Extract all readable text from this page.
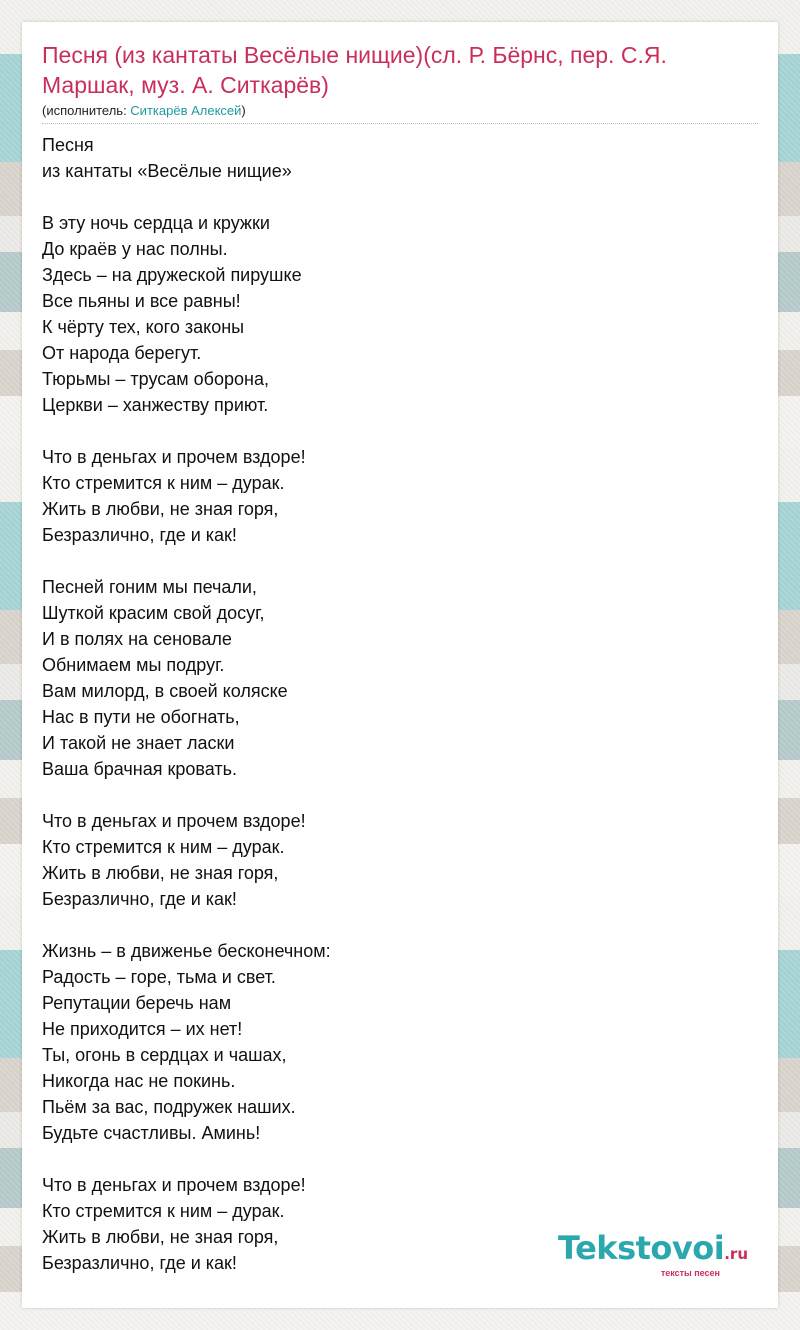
Песня (из кантаты Весёлые нищие)(сл. Р. Бёрнс, пер. С.Я. Маршак, муз. А. Ситкарёв)
(исполнитель: Ситкарёв Алексей)
Песня
из кантаты «Весёлые нищие»
В эту ночь сердца и кружки
До краёв у нас полны.
Здесь – на дружеской пирушке
Все пьяны и все равны!
К чёрту тех, кого законы
От народа берегут.
Тюрьмы – трусам оборона,
Церкви – ханжеству приют.
Что в деньгах и прочем вздоре!
Кто стремится к ним – дурак.
Жить в любви, не зная горя,
Безразлично, где и как!
Песней гоним мы печали,
Шуткой красим свой досуг,
И в полях на сеновале
Обнимаем мы подруг.
Вам милорд, в своей коляске
Нас в пути не обогнать,
И такой не знает ласки
Ваша брачная кровать.
Что в деньгах и прочем вздоре!
Кто стремится к ним – дурак.
Жить в любви, не зная горя,
Безразлично, где и как!
Жизнь – в движенье бесконечном:
Радость – горе, тьма и свет.
Репутации беречь нам
Не приходится – их нет!
Ты, огонь в сердцах и чашах,
Никогда нас не покинь.
Пьём за вас, подружек наших.
Будьте счастливы. Аминь!
Что в деньгах и прочем вздоре!
Кто стремится к ним – дурак.
Жить в любви, не зная горя,
Безразлично, где и как!	Tekstovoi.ru
тексты песен
